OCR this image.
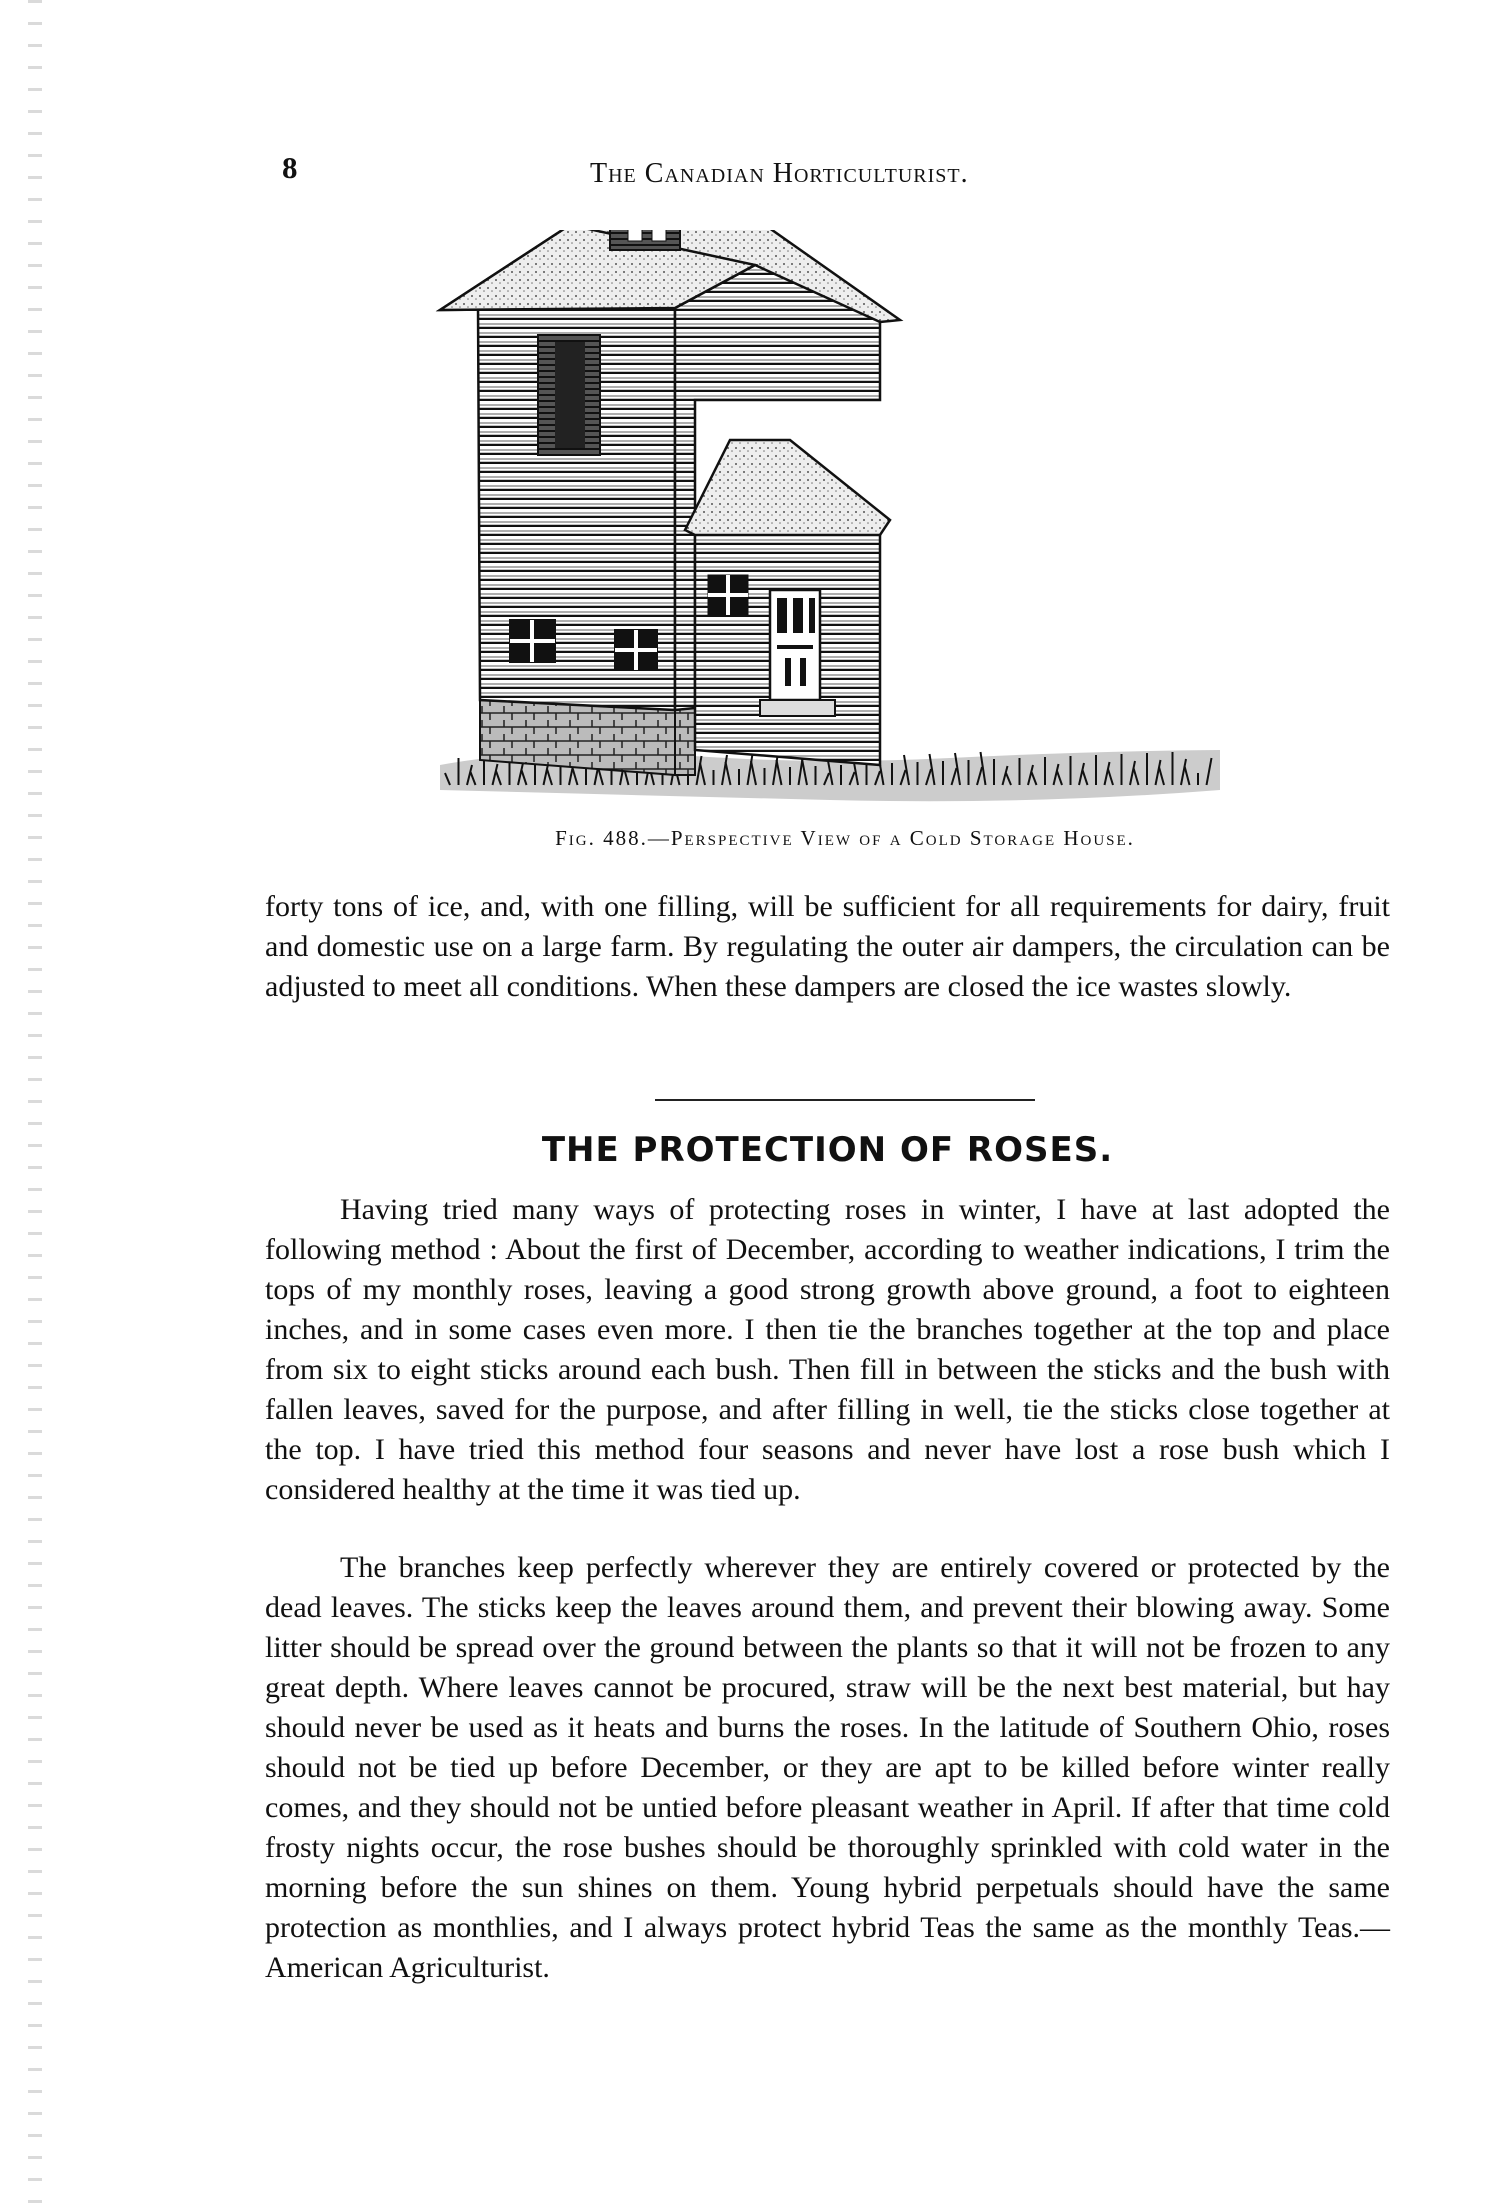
8	The Canadian Horticulturist.
Fig. 488.—Perspective View of a Cold Storage House.

forty tons of ice, and, with one filling, will be sufficient for all requirements for dairy, fruit and domestic use on a large farm. By regulating the outer air dampers, the circulation can be adjusted to meet all conditions. When these dampers are closed the ice wastes slowly.

THE PROTECTION OF ROSES.

Having tried many ways of protecting roses in winter, I have at last adopted the following method : About the first of December, according to weather indications, I trim the tops of my monthly roses, leaving a good strong growth above ground, a foot to eighteen inches, and in some cases even more. I then tie the branches together at the top and place from six to eight sticks around each bush. Then fill in between the sticks and the bush with fallen leaves, saved for the purpose, and after filling in well, tie the sticks close together at the top. I have tried this method four seasons and never have lost a rose bush which I considered healthy at the time it was tied up.

The branches keep perfectly wherever they are entirely covered or protected by the dead leaves. The sticks keep the leaves around them, and prevent their blowing away. Some litter should be spread over the ground between the plants so that it will not be frozen to any great depth. Where leaves cannot be procured, straw will be the next best material, but hay should never be used as it heats and burns the roses. In the latitude of Southern Ohio, roses should not be tied up before December, or they are apt to be killed before winter really comes, and they should not be untied before pleasant weather in April. If after that time cold frosty nights occur, the rose bushes should be thoroughly sprinkled with cold water in the morning before the sun shines on them. Young hybrid perpetuals should have the same protection as monthlies, and I always protect hybrid Teas the same as the monthly Teas.—American Agriculturist.
